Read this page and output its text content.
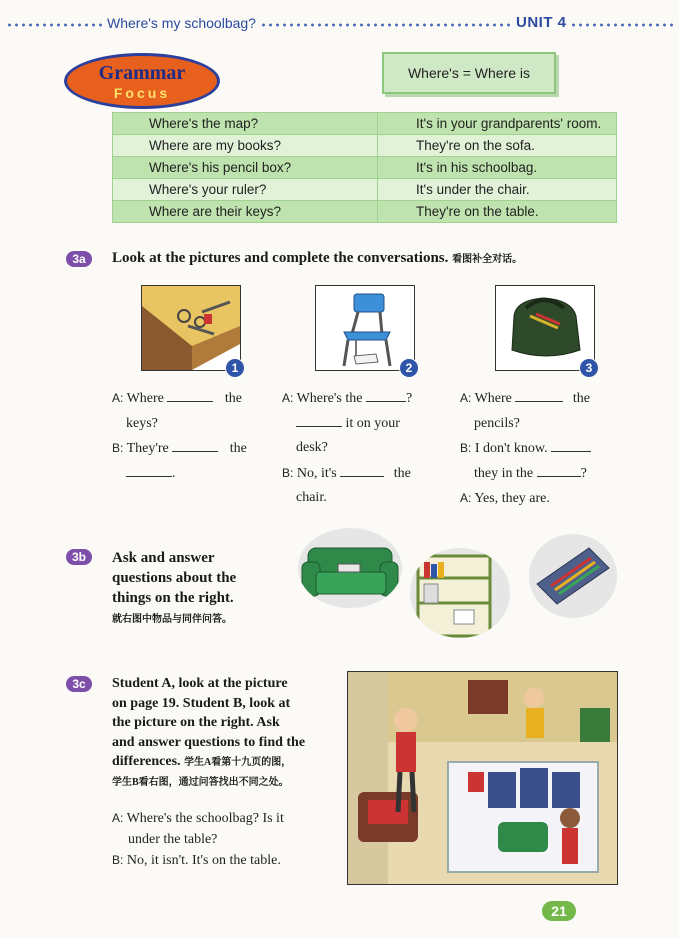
Where's my schoolbag?	UNIT 4
Grammar
Focus
Where's = Where is
Where's the map?	It's in your grandparents' room.
Where are my books?	They're on the sofa.
Where's his pencil box?	It's in his schoolbag.
Where's your ruler?	It's under the chair.
Where are their keys?	They're on the table.
3a	Look at the pictures and complete the conversations. 看图补全对话。
1	2	3
A: Where	the
keys?
B: They're	the
.
A: Where's the	?
it on your
desk?
B: No, it's	the
chair.
A: Where	the
pencils?
B: I don't know.
they in the	?
A: Yes, they are.
3b	Ask and answer
questions about the
things on the right.
就右图中物品与同伴问答。
3c	Student A, look at the picture
on page 19. Student B, look at
the picture on the right. Ask
and answer questions to find the
differences. 学生A看第十九页的图，
学生B看右图，通过问答找出不同之处。
A: Where's the schoolbag? Is it
under the table?
B: No, it isn't. It's on the table.
21
